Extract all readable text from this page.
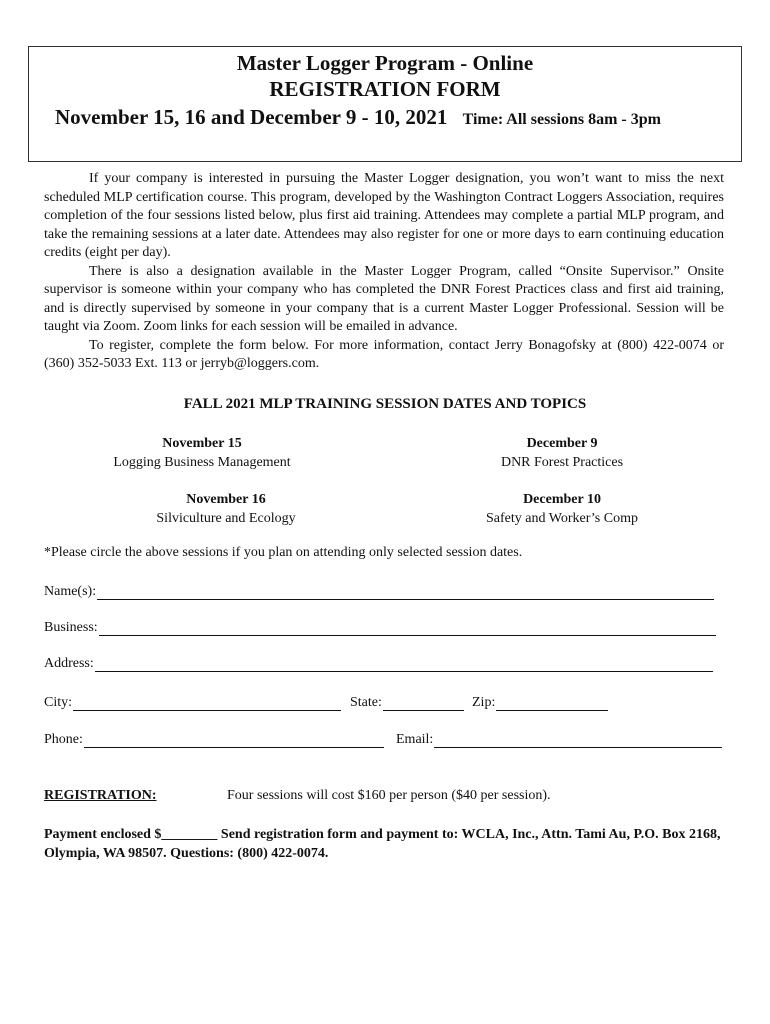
Master Logger Program - Online
REGISTRATION FORM
November 15, 16 and December 9 - 10, 2021 Time: All sessions 8am - 3pm

If your company is interested in pursuing the Master Logger designation, you won’t want to miss the next scheduled MLP certification course. This program, developed by the Washington Contract Loggers Association, requires completion of the four sessions listed below, plus first aid training. Attendees may complete a partial MLP program, and take the remaining sessions at a later date. Attendees may also register for one or more days to earn continuing education credits (eight per day).

There is also a designation available in the Master Logger Program, called “Onsite Supervisor.” Onsite supervisor is someone within your company who has completed the DNR Forest Practices class and first aid training, and is directly supervised by someone in your company that is a current Master Logger Professional. Session will be taught via Zoom. Zoom links for each session will be emailed in advance.

To register, complete the form below. For more information, contact Jerry Bonagofsky at (800) 422-0074 or (360) 352-5033 Ext. 113 or jerryb@loggers.com.

FALL 2021 MLP TRAINING SESSION DATES AND TOPICS
November 15
Logging Business Management
December 9
DNR Forest Practices
November 16
Silviculture and Ecology
December 10
Safety and Worker’s Comp
*Please circle the above sessions if you plan on attending only selected session dates.
Name(s):
Business:
Address:
City:	State:	Zip:
Phone:	Email:
REGISTRATION:	Four sessions will cost $160 per person ($40 per session).
Payment enclosed $________ Send registration form and payment to: WCLA, Inc., Attn. Tami Au, P.O. Box 2168, Olympia, WA 98507. Questions: (800) 422-0074.
